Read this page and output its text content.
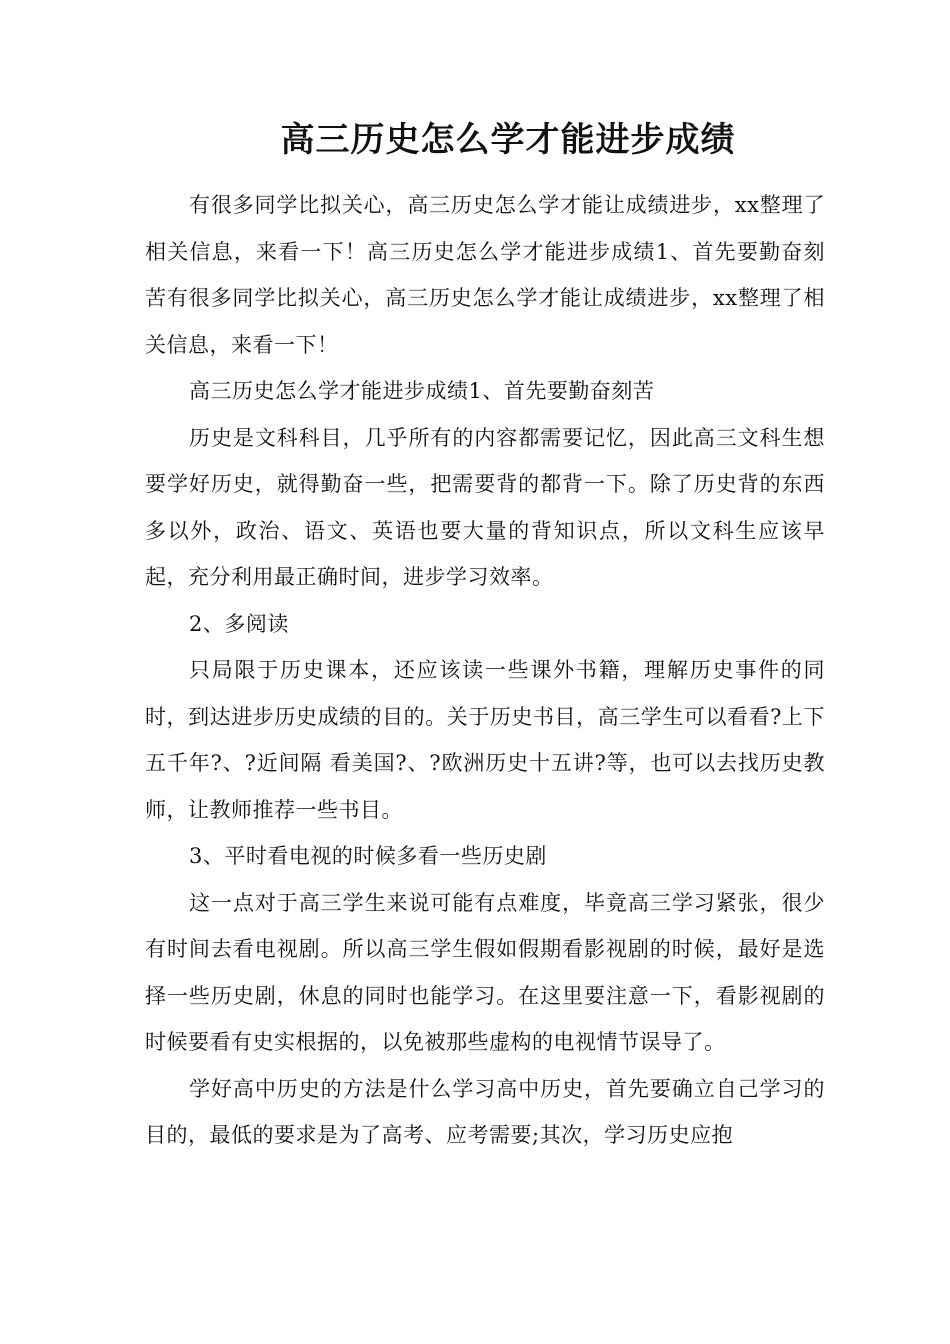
高三历史怎么学才能进步成绩

有很多同学比拟关心，高三历史怎么学才能让成绩进步，xx整理了相关信息，来看一下！高三历史怎么学才能进步成绩1、首先要勤奋刻苦有很多同学比拟关心，高三历史怎么学才能让成绩进步，xx整理了相关信息，来看一下！

高三历史怎么学才能进步成绩1、首先要勤奋刻苦

历史是文科科目，几乎所有的内容都需要记忆，因此高三文科生想要学好历史，就得勤奋一些，把需要背的都背一下。除了历史背的东西多以外，政治、语文、英语也要大量的背知识点，所以文科生应该早起，充分利用最正确时间，进步学习效率。

2、多阅读

只局限于历史课本，还应该读一些课外书籍，理解历史事件的同时，到达进步历史成绩的目的。关于历史书目，高三学生可以看看?上下五千年?、?近间隔 看美国?、?欧洲历史十五讲?等，也可以去找历史教师，让教师推荐一些书目。

3、平时看电视的时候多看一些历史剧

这一点对于高三学生来说可能有点难度，毕竟高三学习紧张，很少有时间去看电视剧。所以高三学生假如假期看影视剧的时候，最好是选择一些历史剧，休息的同时也能学习。在这里要注意一下，看影视剧的时候要看有史实根据的，以免被那些虚构的电视情节误导了。

学好高中历史的方法是什么学习高中历史，首先要确立自己学习的目的，最低的要求是为了高考、应考需要;其次，学习历史应抱
